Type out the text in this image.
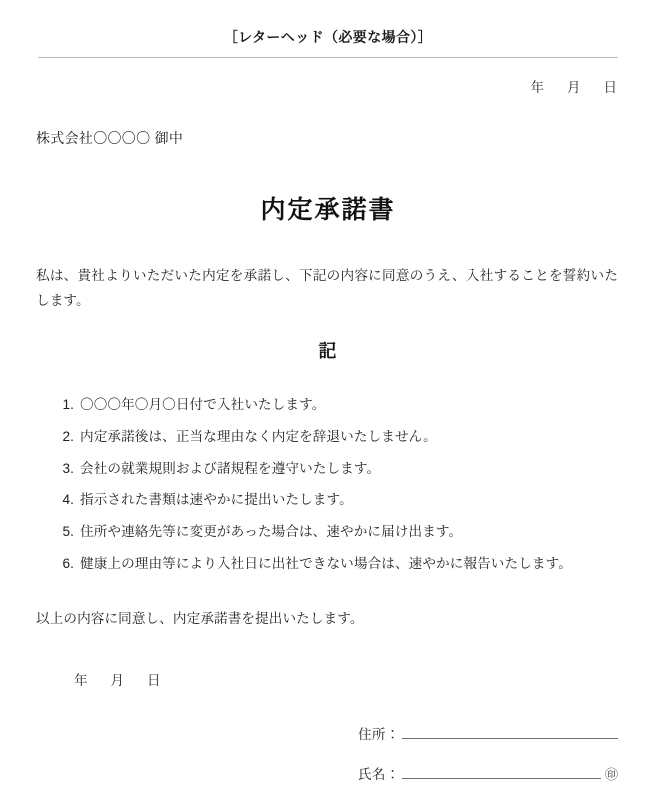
［レターヘッド（必要な場合）］
年 月 日
株式会社〇〇〇〇 御中
内定承諾書

私は、貴社よりいただいた内定を承諾し、下記の内容に同意のうえ、入社することを誓約いたします。

記
1. 〇〇〇年〇月〇日付で入社いたします。
2. 内定承諾後は、正当な理由なく内定を辞退いたしません。
3. 会社の就業規則および諸規程を遵守いたします。
4. 指示された書類は速やかに提出いたします。
5. 住所や連絡先等に変更があった場合は、速やかに届け出ます。
6. 健康上の理由等により入社日に出社できない場合は、速やかに報告いたします。

以上の内容に同意し、内定承諾書を提出いたします。

年 月 日
住所：
氏名：	㊞
